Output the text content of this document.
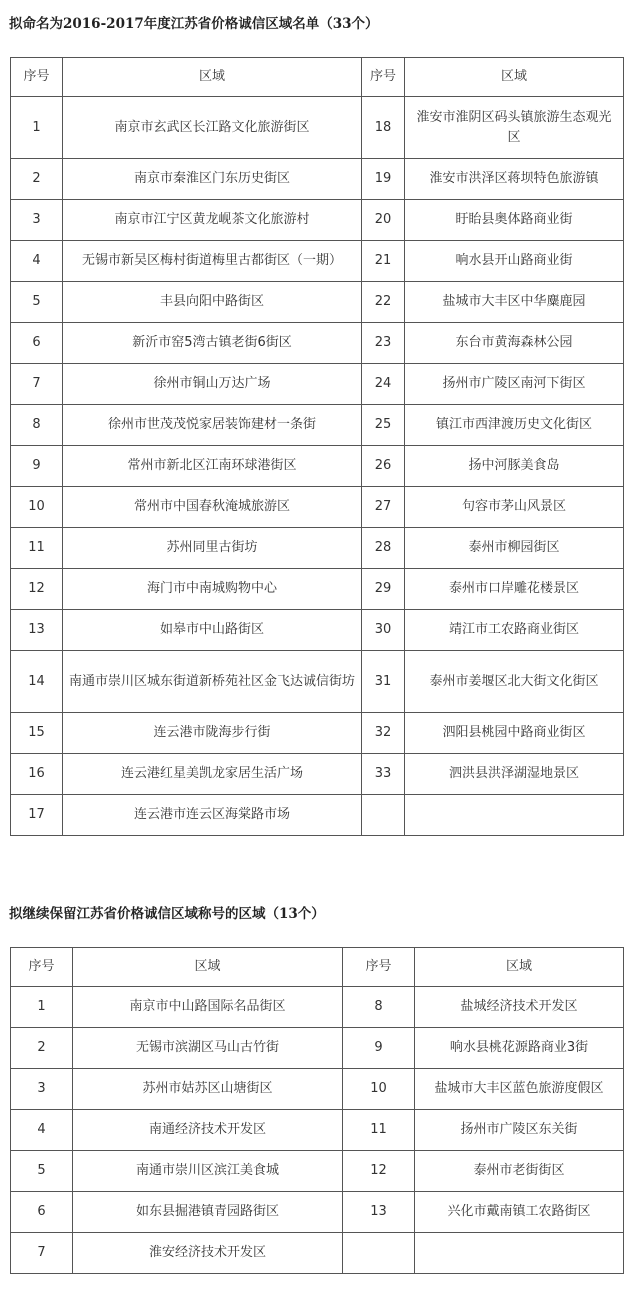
拟命名为2016-2017年度江苏省价格诚信区域名单（33个）

序号	区域	序号	区域
1	南京市玄武区长江路文化旅游街区	18	淮安市淮阴区码头镇旅游生态观光区
2	南京市秦淮区门东历史街区	19	淮安市洪泽区蒋坝特色旅游镇
3	南京市江宁区黄龙岘茶文化旅游村	20	盱眙县奥体路商业街
4	无锡市新吴区梅村街道梅里古都街区（一期）	21	响水县开山路商业街
5	丰县向阳中路街区	22	盐城市大丰区中华麋鹿园
6	新沂市窑5湾古镇老街6街区	23	东台市黄海森林公园
7	徐州市铜山万达广场	24	扬州市广陵区南河下街区
8	徐州市世茂茂悦家居装饰建材一条街	25	镇江市西津渡历史文化街区
9	常州市新北区江南环球港街区	26	扬中河豚美食岛
10	常州市中国春秋淹城旅游区	27	句容市茅山风景区
11	苏州同里古街坊	28	泰州市柳园街区
12	海门市中南城购物中心	29	泰州市口岸雕花楼景区
13	如皋市中山路街区	30	靖江市工农路商业街区
14	南通市崇川区城东街道新桥苑社区金飞达诚信街坊	31	泰州市姜堰区北大街文化街区
15	连云港市陇海步行街	32	泗阳县桃园中路商业街区
16	连云港红星美凯龙家居生活广场	33	泗洪县洪泽湖湿地景区
17	连云港市连云区海棠路市场		

拟继续保留江苏省价格诚信区域称号的区域（13个）

序号	区域	序号	区域
1	南京市中山路国际名品街区	8	盐城经济技术开发区
2	无锡市滨湖区马山古竹街	9	响水县桃花源路商业3街
3	苏州市姑苏区山塘街区	10	盐城市大丰区蓝色旅游度假区
4	南通经济技术开发区	11	扬州市广陵区东关街
5	南通市崇川区滨江美食城	12	泰州市老街街区
6	如东县掘港镇青园路街区	13	兴化市戴南镇工农路街区
7	淮安经济技术开发区		
